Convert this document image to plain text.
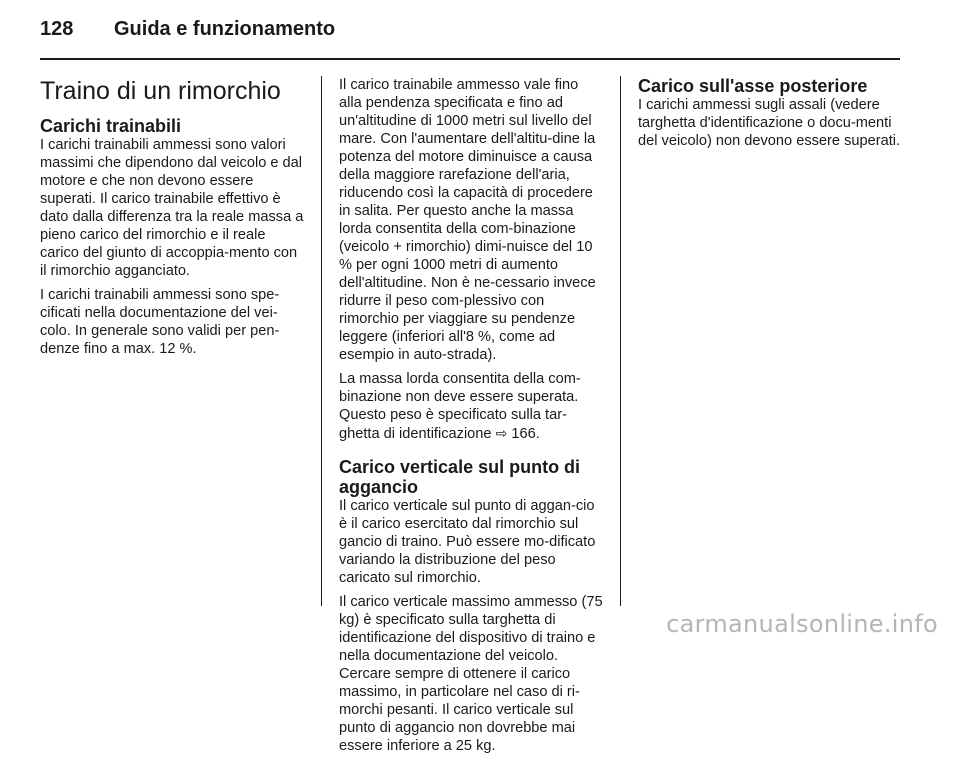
128 Guida e funzionamento
Traino di un rimorchio
Carichi trainabili

I carichi trainabili ammessi sono valori massimi che dipendono dal veicolo e dal motore e che non devono essere superati. Il carico trainabile effettivo è dato dalla differenza tra la reale massa a pieno carico del rimorchio e il reale carico del giunto di accoppia-mento con il rimorchio agganciato.

I carichi trainabili ammessi sono spe-cificati nella documentazione del vei-colo. In generale sono validi per pen-denze fino a max. 12 %.

Il carico trainabile ammesso vale fino alla pendenza specificata e fino ad un'altitudine di 1000 metri sul livello del mare. Con l'aumentare dell'altitu-dine la potenza del motore diminuisce a causa della maggiore rarefazione dell'aria, riducendo così la capacità di procedere in salita. Per questo anche la massa lorda consentita della com-binazione (veicolo + rimorchio) dimi-nuisce del 10 % per ogni 1000 metri di aumento dell'altitudine. Non è ne-cessario invece ridurre il peso com-plessivo con rimorchio per viaggiare su pendenze leggere (inferiori all'8 %, come ad esempio in auto-strada).

La massa lorda consentita della com-binazione non deve essere superata. Questo peso è specificato sulla tar-ghetta di identificazione ⇨ 166.

Carico verticale sul punto di aggancio

Il carico verticale sul punto di aggan-cio è il carico esercitato dal rimorchio sul gancio di traino. Può essere mo-dificato variando la distribuzione del peso caricato sul rimorchio.

Il carico verticale massimo ammesso (75 kg) è specificato sulla targhetta di identificazione del dispositivo di traino e nella documentazione del veicolo. Cercare sempre di ottenere il carico massimo, in particolare nel caso di ri-morchi pesanti. Il carico verticale sul punto di aggancio non dovrebbe mai essere inferiore a 25 kg.

Carico sull'asse posteriore

I carichi ammessi sugli assali (vedere targhetta d'identificazione o docu-menti del veicolo) non devono essere superati.

carmanualsonline.info
